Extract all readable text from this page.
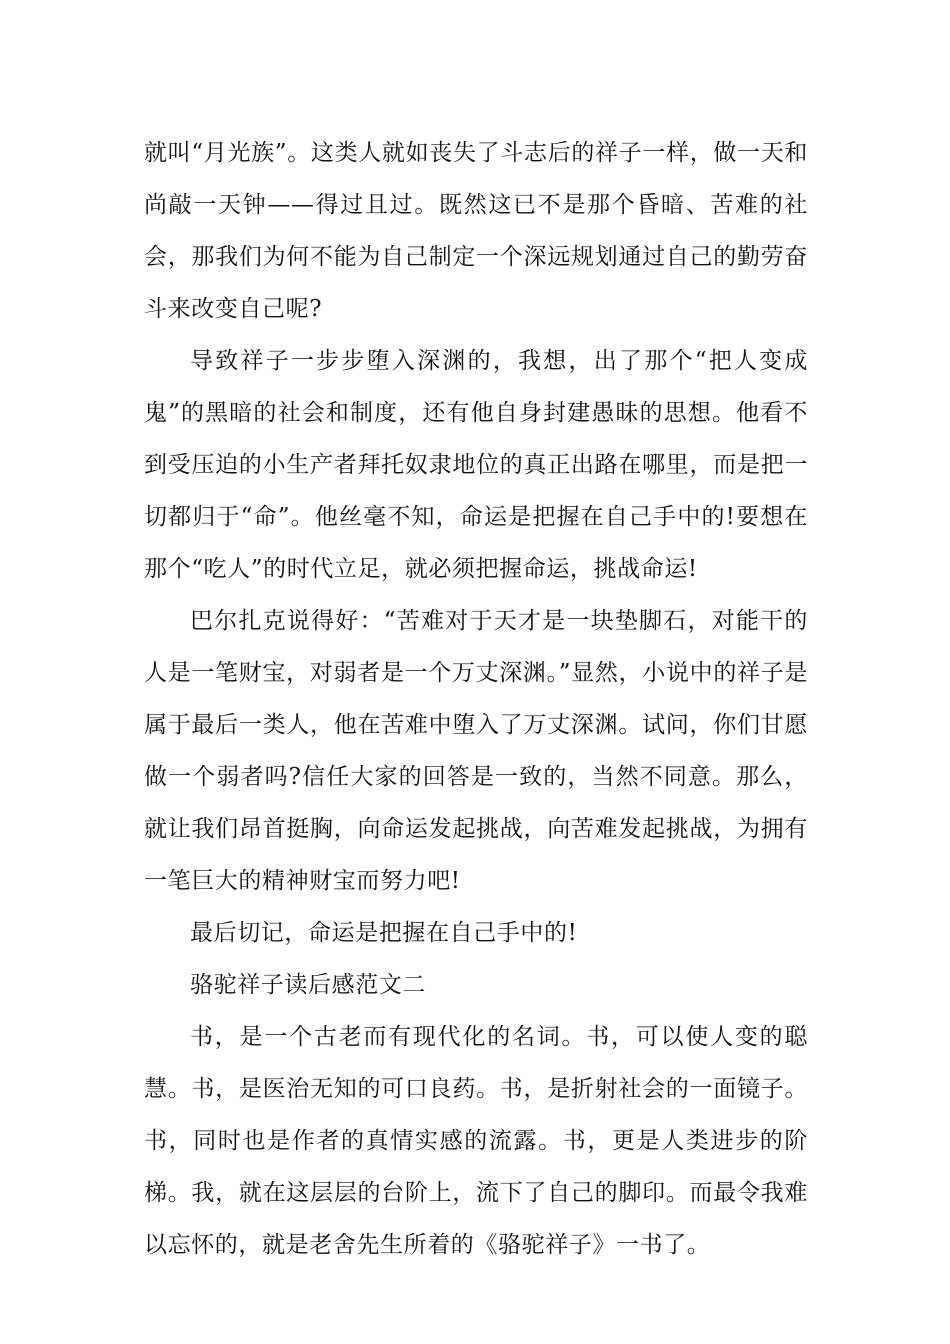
就叫“月光族”。这类人就如丧失了斗志后的祥子一样，做一天和尚敲一天钟——得过且过。既然这已不是那个昏暗、苦难的社会，那我们为何不能为自己制定一个深远规划通过自己的勤劳奋斗来改变自己呢?

导致祥子一步步堕入深渊的，我想，出了那个“把人变成鬼”的黑暗的社会和制度，还有他自身封建愚昧的思想。他看不到受压迫的小生产者拜托奴隶地位的真正出路在哪里，而是把一切都归于“命”。他丝毫不知，命运是把握在自己手中的!要想在那个“吃人”的时代立足，就必须把握命运，挑战命运!

巴尔扎克说得好：“苦难对于天才是一块垫脚石，对能干的人是一笔财宝，对弱者是一个万丈深渊。”显然，小说中的祥子是属于最后一类人，他在苦难中堕入了万丈深渊。试问，你们甘愿做一个弱者吗?信任大家的回答是一致的，当然不同意。那么，就让我们昂首挺胸，向命运发起挑战，向苦难发起挑战，为拥有一笔巨大的精神财宝而努力吧!

最后切记，命运是把握在自己手中的!

骆驼祥子读后感范文二

书，是一个古老而有现代化的名词。书，可以使人变的聪慧。书，是医治无知的可口良药。书，是折射社会的一面镜子。书，同时也是作者的真情实感的流露。书，更是人类进步的阶梯。我，就在这层层的台阶上，流下了自己的脚印。而最令我难以忘怀的，就是老舍先生所着的《骆驼祥子》一书了。
